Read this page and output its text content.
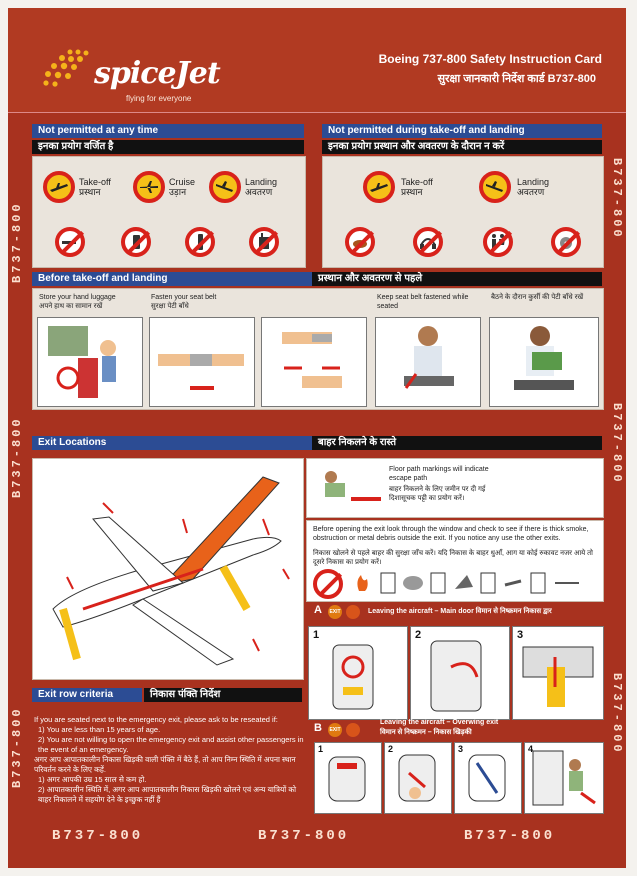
spiceJet
flying for everyone
Boeing 737-800 Safety Instruction Card
सुरक्षा जानकारी निर्देश कार्ड B737-800
B737-800
B737-800
B737-800
B737-800
B737-800
B737-800
Not permitted at any time
इनका प्रयोग वर्जित है
Take-off
प्रस्थान
Cruise
उड़ान
Landing
अवतरण
Not permitted during take-off and landing
इनका प्रयोग प्रस्थान और अवतरण के दौरान न करें
Take-off
प्रस्थान
Landing
अवतरण
Before take-off and landing	प्रस्थान और अवतरण से पहले
Store your hand luggage
अपने हाथ का सामान रखें
Fasten your seat belt
सुरक्षा पेटी बाँधे
Keep seat belt fastened while seated
बैठने के दौरान कुर्सी की पेटी बाँधे रखें
Exit Locations	बाहर निकलने के रास्ते
Floor path markings will indicate escape path
बाहर निकलने के लिए जमीन पर दी गई दिशासूचक पट्टी का प्रयोग करें।
Before opening the exit look through the window and check to see if there is thick smoke, obstruction or metal debris outside the exit. If you notice any use the other exits.
निकास खोलने से पहले बाहर की सुरक्षा जाँच करें। यदि निकास के बाहर धुआँ, आग या कोई रुकावट नजर आये तो दूसरे निकास का प्रयोग करें।
A EXIT	Leaving the aircraft – Main door विमान से निष्क्रमन निकास द्वार
1	2	3
B EXIT
Leaving the aircraft – Overwing exit
विमान से निष्क्रमन – निकास खिड़की
1	2	3	4
Exit row criteria	निकास पंक्ति निर्देश
If you are seated next to the emergency exit, please ask to be reseated if:
1) You are less than 15 years of age.
2) You are not willing to open the emergency exit and assist other passengers in the event of an emergency.
अगर आप आपातकालीन निकास खिड़की वाली पंक्ति में बैठे हैं, तो आप निम्न स्थिति में अपना स्थान परिवर्तन करने के लिए कहें.
1) अगर आपकी उम्र 15 साल से कम हो.
2) आपातकालीन स्थिति में, अगर आप आपातकालीन निकास खिड़की खोलने एवं अन्य यात्रियों को बाहर निकालने में सहयोग देने के इच्छुक नहीं हैं
B737-800	B737-800	B737-800
